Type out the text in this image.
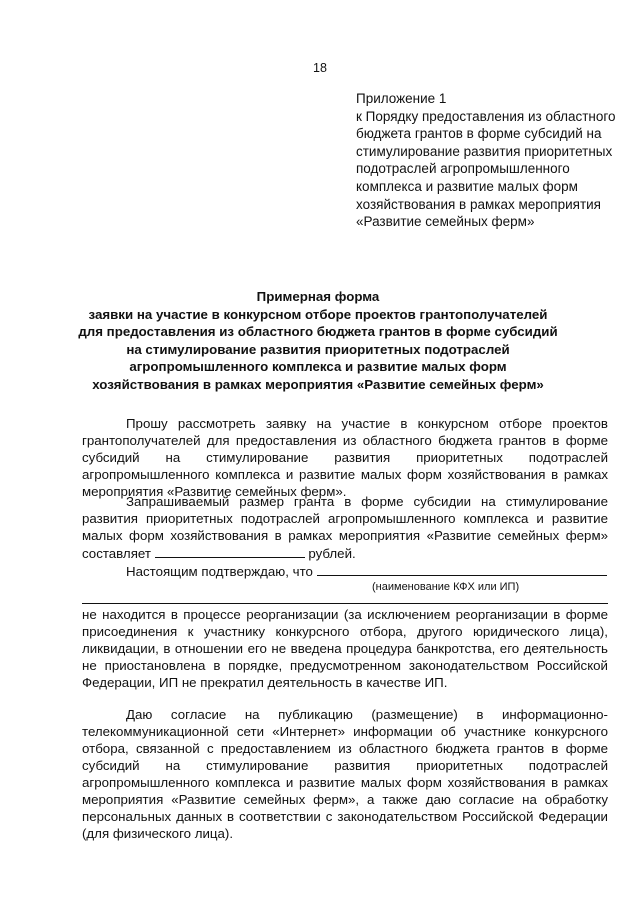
18
Приложение 1
к Порядку предоставления из областного бюджета грантов в форме субсидий на стимулирование развития приоритетных подотраслей агропромышленного комплекса и развитие малых форм хозяйствования в рамках мероприятия «Развитие семейных ферм»
Примерная форма
заявки на участие в конкурсном отборе проектов грантополучателей для предоставления из областного бюджета грантов в форме субсидий на стимулирование развития приоритетных подотраслей агропромышленного комплекса и развитие малых форм хозяйствования в рамках мероприятия «Развитие семейных ферм»

Прошу рассмотреть заявку на участие в конкурсном отборе проектов грантополучателей для предоставления из областного бюджета грантов в форме субсидий на стимулирование развития приоритетных подотраслей агропромышленного комплекса и развитие малых форм хозяйствования в рамках мероприятия «Развитие семейных ферм».

Запрашиваемый размер гранта в форме субсидии на стимулирование развития приоритетных подотраслей агропромышленного комплекса и развитие малых форм хозяйствования в рамках мероприятия «Развитие семейных ферм» составляет	рублей.

Настоящим подтверждаю, что
(наименование КФХ или ИП)

не находится в процессе реорганизации (за исключением реорганизации в форме присоединения к участнику конкурсного отбора, другого юридического лица), ликвидации, в отношении его не введена процедура банкротства, его деятельность не приостановлена в порядке, предусмотренном законодательством Российской Федерации, ИП не прекратил деятельность в качестве ИП.

Даю согласие на публикацию (размещение) в информационно-телекоммуникационной сети «Интернет» информации об участнике конкурсного отбора, связанной с предоставлением из областного бюджета грантов в форме субсидий на стимулирование развития приоритетных подотраслей агропромышленного комплекса и развитие малых форм хозяйствования в рамках мероприятия «Развитие семейных ферм», а также даю согласие на обработку персональных данных в соответствии с законодательством Российской Федерации (для физического лица).
